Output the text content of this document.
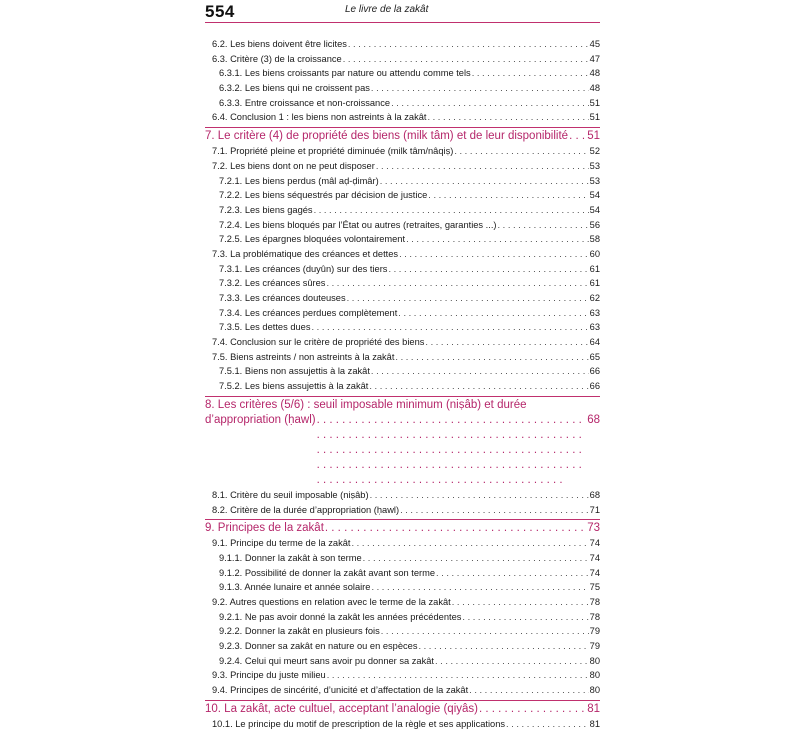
554	Le livre de la zakât
6.2. Les biens doivent être licites . . .	45
6.3. Critère (3) de la croissance . . .	47
6.3.1. Les biens croissants par nature ou attendu comme tels . . .	48
6.3.2. Les biens qui ne croissent pas . . .	48
6.3.3. Entre croissance et non-croissance . . .	51
6.4. Conclusion 1 : les biens non astreints à la zakât . . .	51
7. Le critère (4) de propriété des biens (milk tâm) et de leur disponibilité . . . 51
7.1. Propriété pleine et propriété diminuée (milk tâm/nâqiṣ) . . .	52
7.2. Les biens dont on ne peut disposer . . .	53
7.2.1. Les biens perdus (mâl aḍ-ḍimâr) . . .	53
7.2.2. Les biens séquestrés par décision de justice . . .	54
7.2.3. Les biens gagés . . .	54
7.2.4. Les biens bloqués par l’État ou autres (retraites, garanties ...) . . .	56
7.2.5. Les épargnes bloquées volontairement . . .	58
7.3. La problématique des créances et dettes . . .	60
7.3.1. Les créances (duyûn) sur des tiers . . .	61
7.3.2. Les créances sûres . . .	61
7.3.3. Les créances douteuses . . .	62
7.3.4. Les créances perdues complètement . . .	63
7.3.5. Les dettes dues . . .	63
7.4. Conclusion sur le critère de propriété des biens . . .	64
7.5. Biens astreints / non astreints à la zakât . . .	65
7.5.1. Biens non assujettis à la zakât . . .	66
7.5.2. Les biens assujettis à la zakât . . .	66
8. Les critères (5/6) : seuil imposable minimum (niṣâb) et durée
d’appropriation (ḥawl) . . .	68
8.1. Critère du seuil imposable (niṣâb) . . .	68
8.2. Critère de la durée d’appropriation (ḥawl) . . .	71
9. Principes de la zakât . . .	73
9.1. Principe du terme de la zakât . . .	74
9.1.1. Donner la zakât à son terme . . .	74
9.1.2. Possibilité de donner la zakât avant son terme . . .	74
9.1.3. Année lunaire et année solaire . . .	75
9.2. Autres questions en relation avec le terme de la zakât . . .	78
9.2.1. Ne pas avoir donné la zakât les années précédentes . . .	78
9.2.2. Donner la zakât en plusieurs fois . . .	79
9.2.3. Donner sa zakât en nature ou en espèces . . .	79
9.2.4. Celui qui meurt sans avoir pu donner sa zakât . . .	80
9.3. Principe du juste milieu . . .	80
9.4. Principes de sincérité, d’unicité et d’affectation de la zakât . . .	80
10. La zakât, acte cultuel, acceptant l’analogie (qiyâs) . . .	81
10.1. Le principe du motif de prescription de la règle et ses applications . . .	81
